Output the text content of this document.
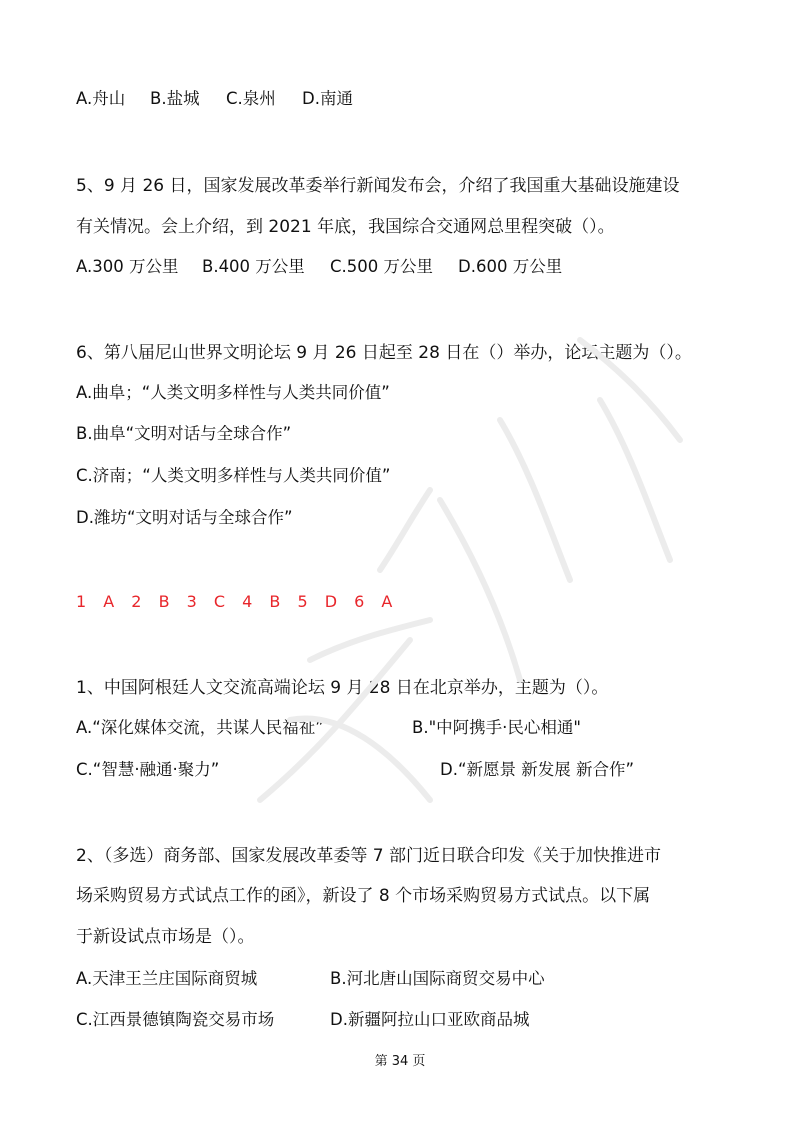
A.舟山 B.盐城 C.泉州 D.南通
5、9 月 26 日，国家发展改革委举行新闻发布会，介绍了我国重大基础设施建设
有关情况。会上介绍，到 2021 年底，我国综合交通网总里程突破（）。
A.300 万公里 B.400 万公里 C.500 万公里 D.600 万公里
6、第八届尼山世界文明论坛 9 月 26 日起至 28 日在（）举办，论坛主题为（）。
A.曲阜；“人类文明多样性与人类共同价值”
B.曲阜“文明对话与全球合作”
C.济南；“人类文明多样性与人类共同价值”
D.潍坊“文明对话与全球合作”
1 A 2 B 3 C 4 B 5 D 6 A
1、中国阿根廷人文交流高端论坛 9 月 28 日在北京举办，主题为（）。
A.“深化媒体交流，共谋人民福祉”	B."中阿携手·民心相通"
C.“智慧·融通·聚力”	D.“新愿景 新发展 新合作”
2、（多选）商务部、国家发展改革委等 7 部门近日联合印发《关于加快推进市
场采购贸易方式试点工作的函》，新设了 8 个市场采购贸易方式试点。以下属
于新设试点市场是（）。
A.天津王兰庄国际商贸城	B.河北唐山国际商贸交易中心
C.江西景德镇陶瓷交易市场	D.新疆阿拉山口亚欧商品城
第 34 页
